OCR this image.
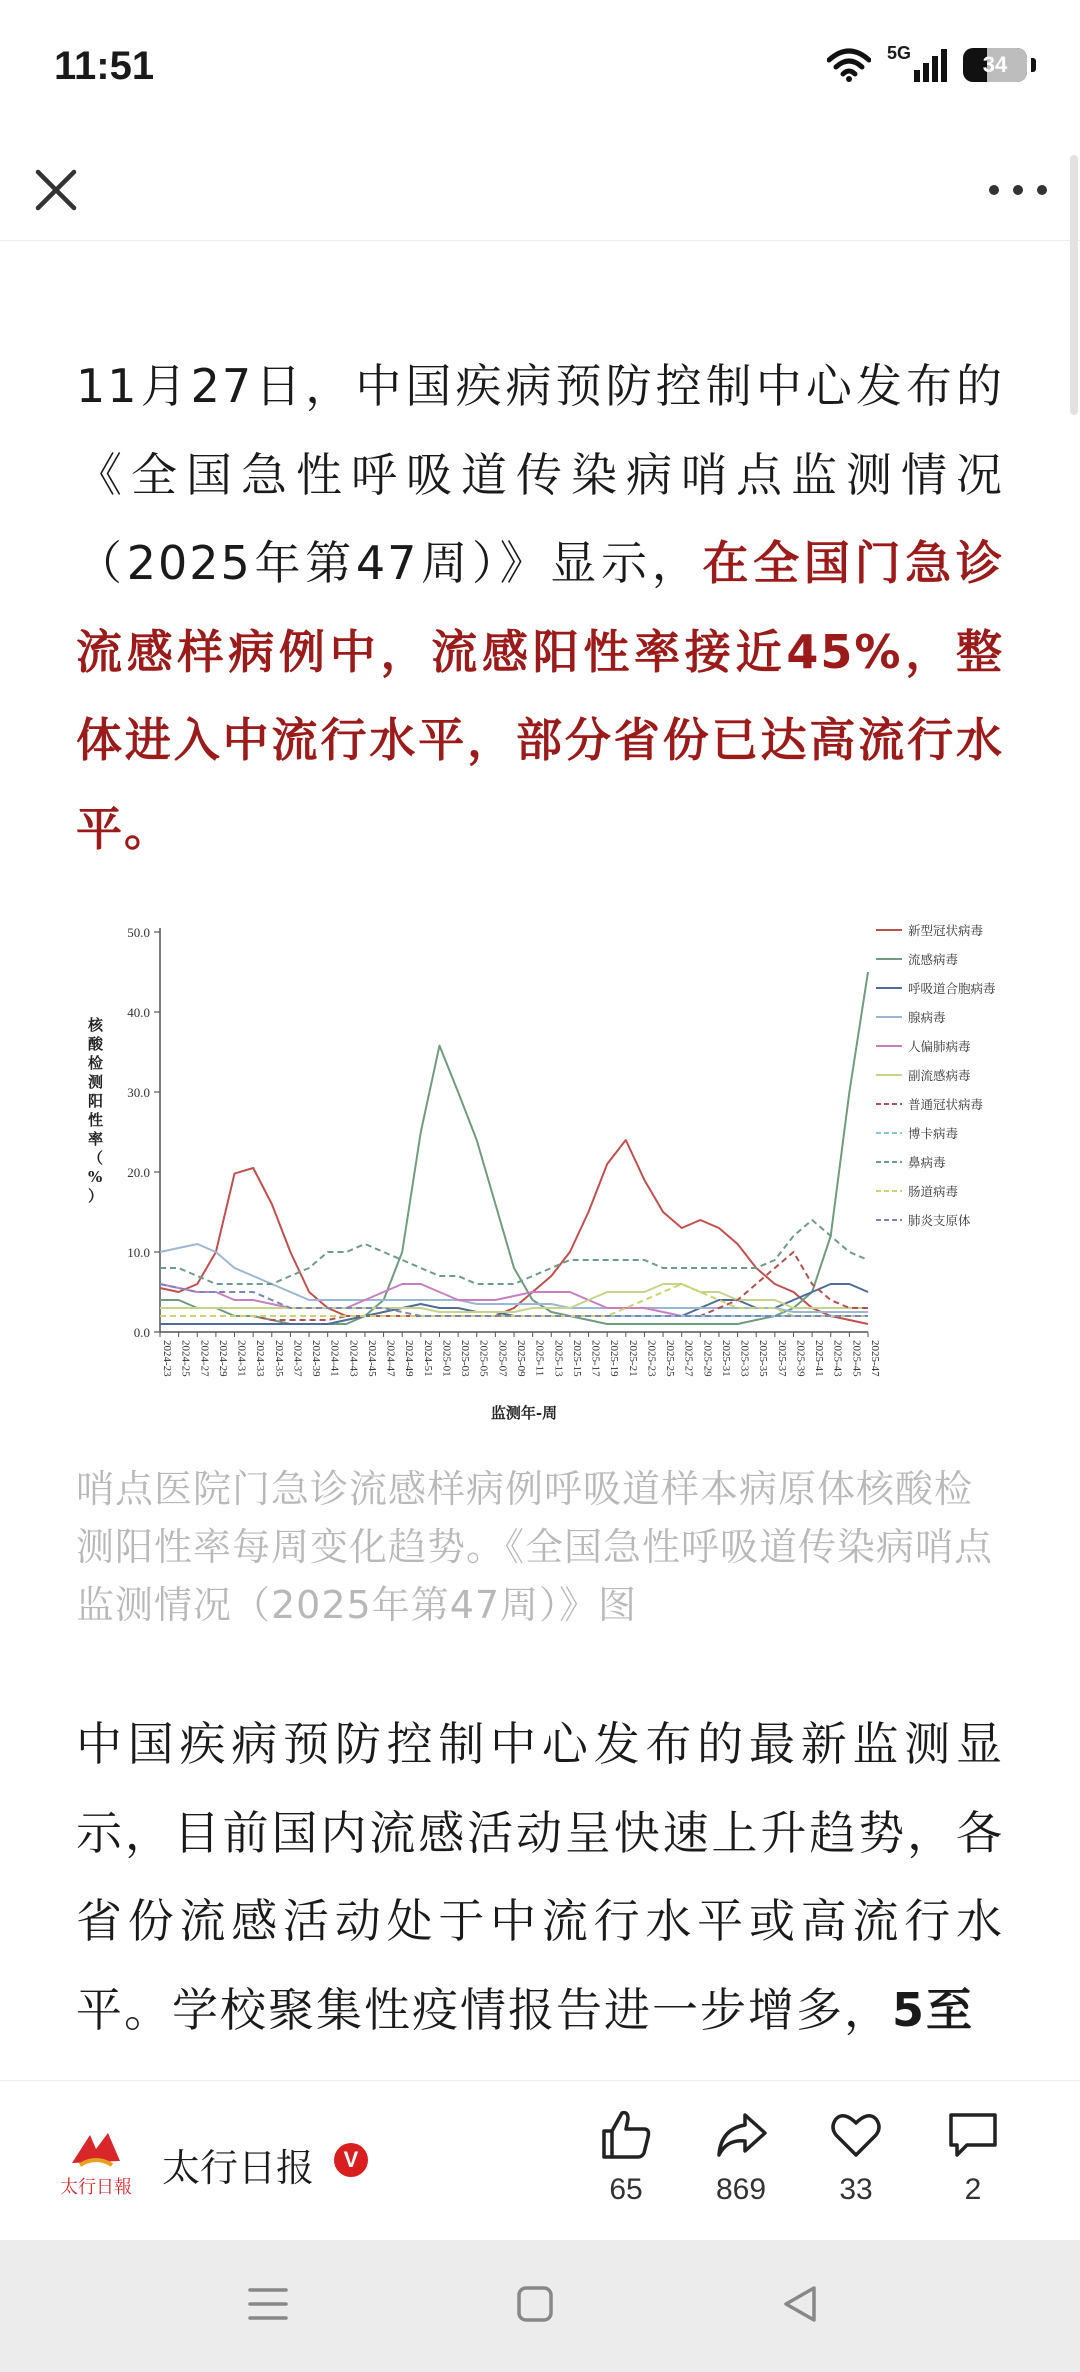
11:51	5G	34

11月27日，中国疾病预防控制中心发布的《全国急性呼吸道传染病哨点监测情况（2025年第47周）》显示，在全国门急诊流感样病例中，流感阳性率接近45%，整体进入中流行水平，部分省份已达高流行水平。

50.0
40.0
30.0
20.0
10.0
0.0
2024-23 2024-25 2024-27 2024-29 2024-31 2024-33 2024-35 2024-37 2024-39 2024-41 2024-43 2024-45 2024-47 2024-49 2024-51 2025-01 2025-03 2025-05 2025-07 2025-09 2025-11 2025-13 2025-15 2025-17 2025-19 2025-21 2025-23 2025-25 2025-27 2025-29 2025-31 2025-33 2025-35 2025-37 2025-39 2025-41 2025-43 2025-45 2025-47
核酸检测阳性率（%）
监测年-周
新型冠状病毒
流感病毒
呼吸道合胞病毒
腺病毒
人偏肺病毒
副流感病毒
普通冠状病毒
博卡病毒
鼻病毒
肠道病毒
肺炎支原体

哨点医院门急诊流感样病例呼吸道样本病原体核酸检测阳性率每周变化趋势。《全国急性呼吸道传染病哨点监测情况（2025年第47周）》图

中国疾病预防控制中心发布的最新监测显示，目前国内流感活动呈快速上升趋势，各省份流感活动处于中流行水平或高流行水平。学校聚集性疫情报告进一步增多，5至

太行日報 太行日报	V
65	869	33	2
